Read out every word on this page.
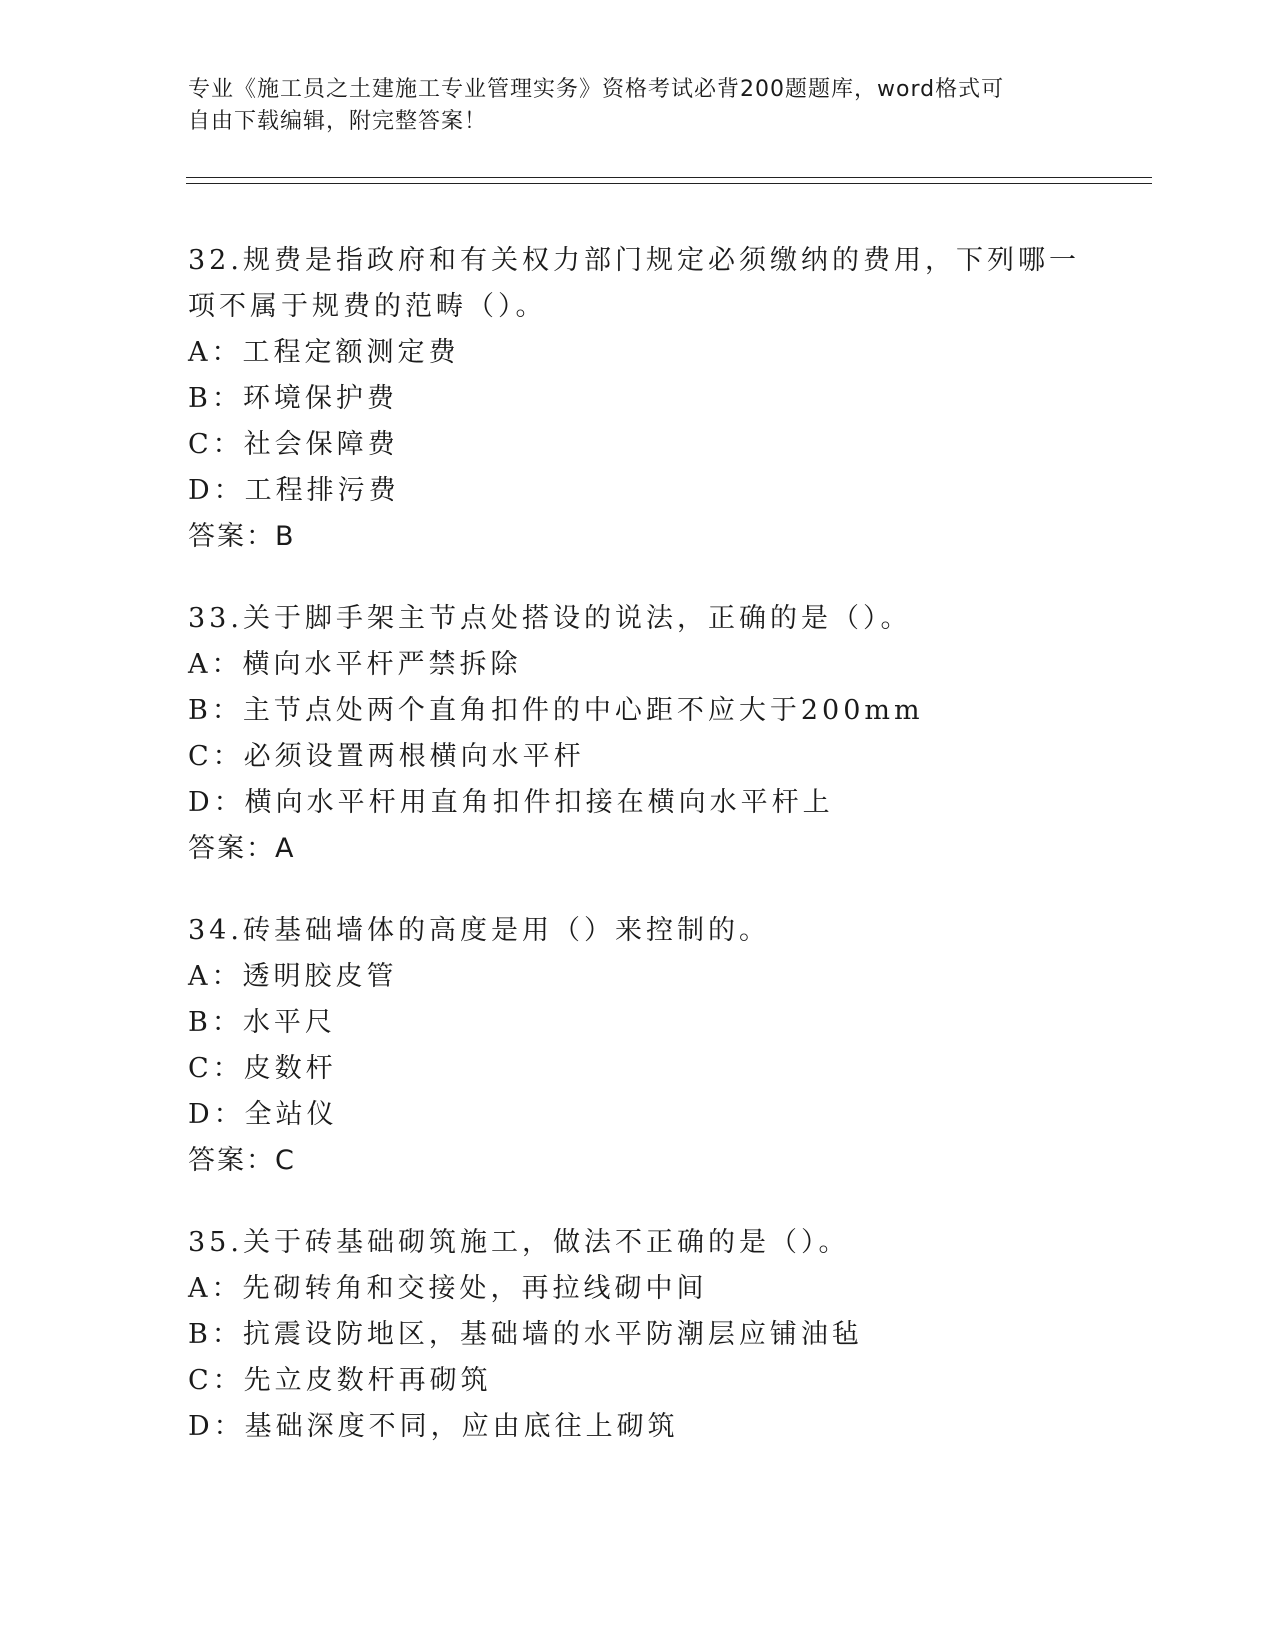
专业《施工员之土建施工专业管理实务》资格考试必背200题题库，word格式可
自由下载编辑，附完整答案！
32.规费是指政府和有关权力部门规定必须缴纳的费用，下列哪一项不属于规费的范畴（）。
A：工程定额测定费
B：环境保护费
C：社会保障费
D：工程排污费
答案：B
33.关于脚手架主节点处搭设的说法，正确的是（）。
A：横向水平杆严禁拆除
B：主节点处两个直角扣件的中心距不应大于200mm
C：必须设置两根横向水平杆
D：横向水平杆用直角扣件扣接在横向水平杆上
答案：A
34.砖基础墙体的高度是用（）来控制的。
A：透明胶皮管
B：水平尺
C：皮数杆
D：全站仪
答案：C
35.关于砖基础砌筑施工，做法不正确的是（）。
A：先砌转角和交接处，再拉线砌中间
B：抗震设防地区，基础墙的水平防潮层应铺油毡
C：先立皮数杆再砌筑
D：基础深度不同，应由底往上砌筑
